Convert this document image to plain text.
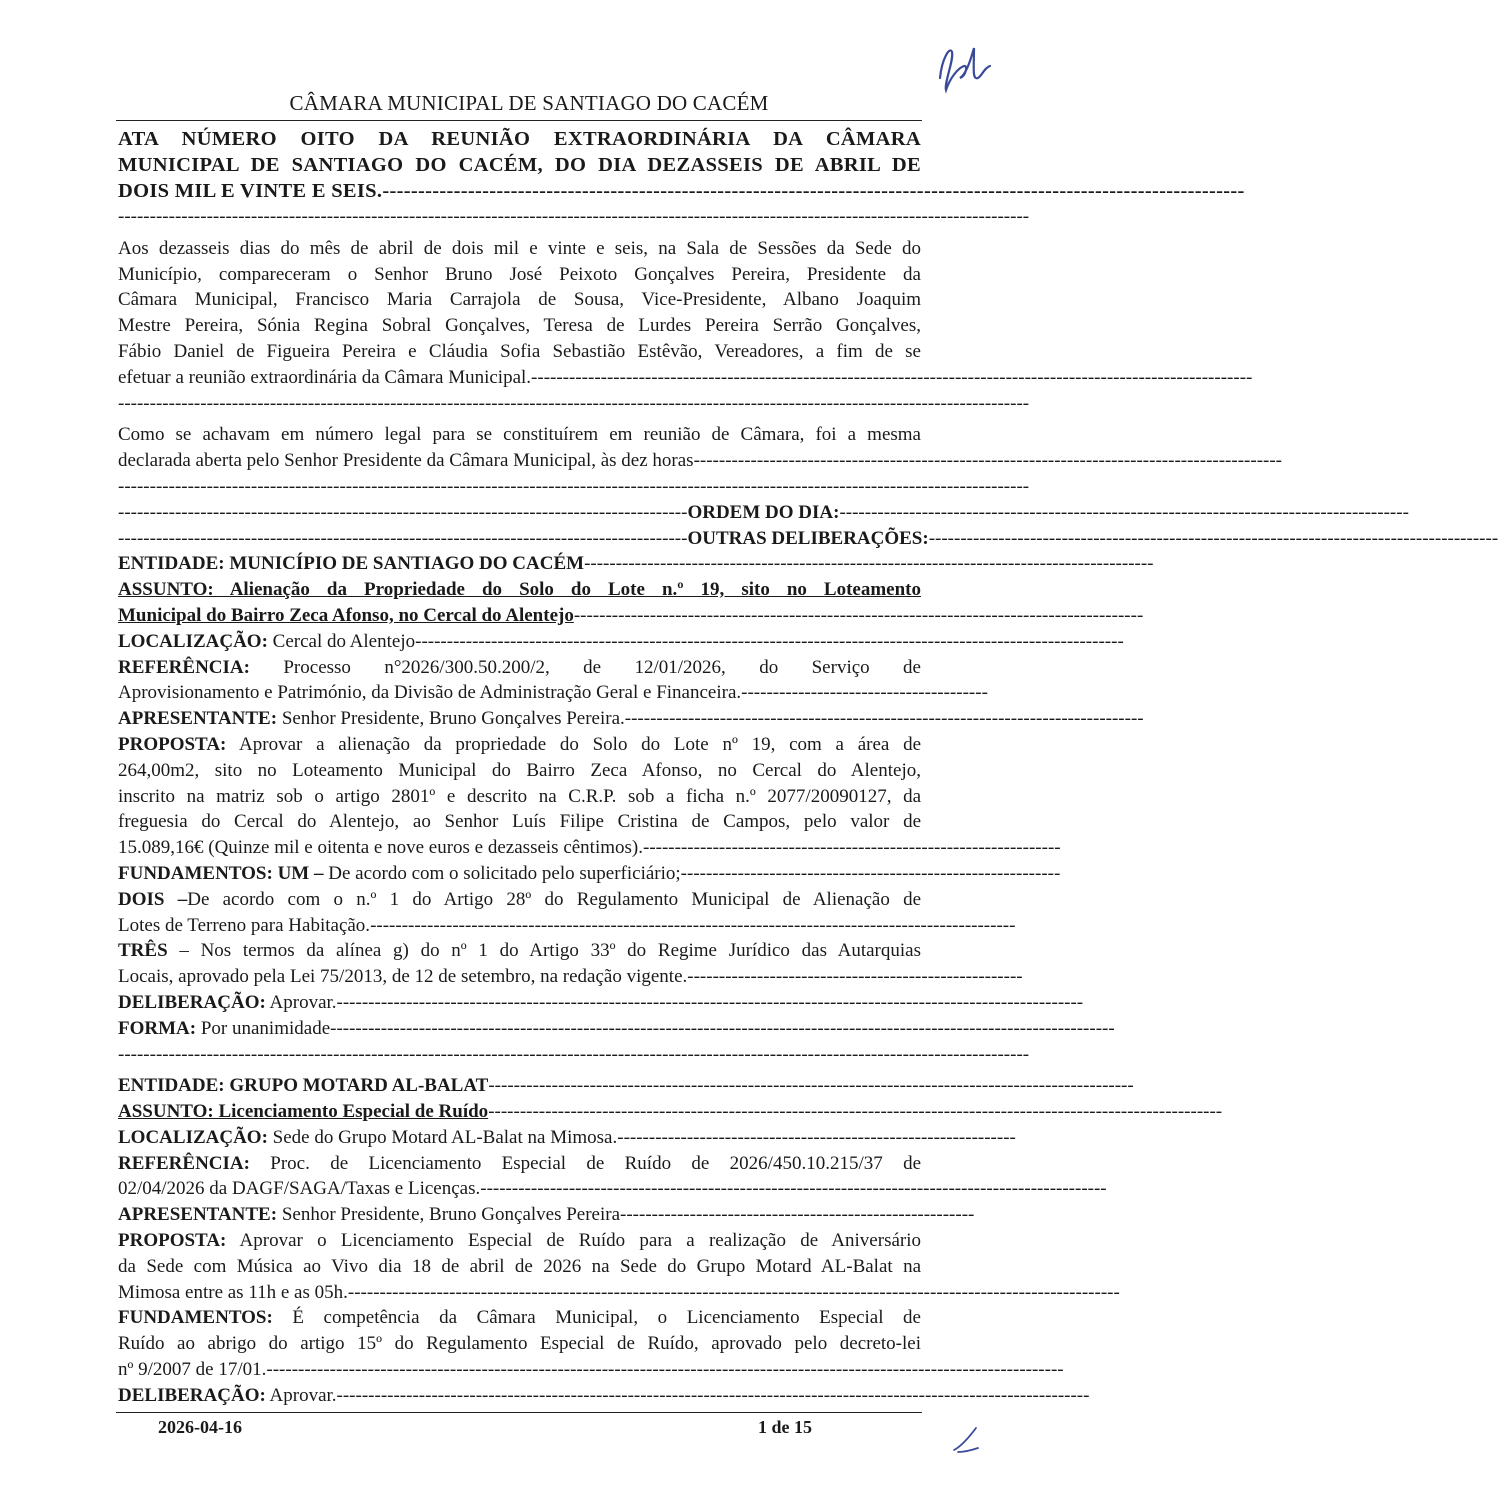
CÂMARA MUNICIPAL DE SANTIAGO DO CACÉM
ATA NÚMERO OITO DA REUNIÃO EXTRAORDINÁRIA DA CÂMARA
MUNICIPAL DE SANTIAGO DO CACÉM, DO DIA DEZASSEIS DE ABRIL DE
DOIS MIL E VINTE E SEIS. -------------------------------------------------------------------------------------------------------------------------
------------------------------------------------------------------------------------------------------------------------------------------------
Aos dezasseis dias do mês de abril de dois mil e vinte e seis, na Sala de Sessões da Sede do
Município, compareceram o Senhor Bruno José Peixoto Gonçalves Pereira, Presidente da
Câmara Municipal, Francisco Maria Carrajola de Sousa, Vice-Presidente, Albano Joaquim
Mestre Pereira, Sónia Regina Sobral Gonçalves, Teresa de Lurdes Pereira Serrão Gonçalves,
Fábio Daniel de Figueira Pereira e Cláudia Sofia Sebastião Estêvão, Vereadores, a fim de se
efetuar a reunião extraordinária da Câmara Municipal. ------------------------------------------------------------------------------------------------------------------
------------------------------------------------------------------------------------------------------------------------------------------------
Como se achavam em número legal para se constituírem em reunião de Câmara, foi a mesma
declarada aberta pelo Senhor Presidente da Câmara Municipal, às dez horas ---------------------------------------------------------------------------------------------
------------------------------------------------------------------------------------------------------------------------------------------------
------------------------------------------------------------------------------------------ ORDEM DO DIA: ------------------------------------------------------------------------------------------
------------------------------------------------------------------------------------------ OUTRAS DELIBERAÇÕES: ------------------------------------------------------------------------------------------
ENTIDADE: MUNICÍPIO DE SANTIAGO DO CACÉM ------------------------------------------------------------------------------------------
ASSUNTO: Alienação da Propriedade do Solo do Lote n.º 19, sito no Loteamento
Municipal do Bairro Zeca Afonso, no Cercal do Alentejo ------------------------------------------------------------------------------------------
LOCALIZAÇÃO: Cercal do Alentejo ----------------------------------------------------------------------------------------------------------------
REFERÊNCIA: Processo n°2026/300.50.200/2, de 12/01/2026, do Serviço de
Aprovisionamento e Património, da Divisão de Administração Geral e Financeira. ---------------------------------------
APRESENTANTE: Senhor Presidente, Bruno Gonçalves Pereira. ----------------------------------------------------------------------------------
PROPOSTA: Aprovar a alienação da propriedade do Solo do Lote nº 19, com a área de
264,00m2, sito no Loteamento Municipal do Bairro Zeca Afonso, no Cercal do Alentejo,
inscrito na matriz sob o artigo 2801º e descrito na C.R.P. sob a ficha n.º 2077/20090127, da
freguesia do Cercal do Alentejo, ao Senhor Luís Filipe Cristina de Campos, pelo valor de
15.089,16€ (Quinze mil e oitenta e nove euros e dezasseis cêntimos). ------------------------------------------------------------------
FUNDAMENTOS: UM – De acordo com o solicitado pelo superficiário; ------------------------------------------------------------
DOIS –De acordo com o n.º 1 do Artigo 28º do Regulamento Municipal de Alienação de
Lotes de Terreno para Habitação. ------------------------------------------------------------------------------------------------------
TRÊS – Nos termos da alínea g) do nº 1 do Artigo 33º do Regime Jurídico das Autarquias
Locais, aprovado pela Lei 75/2013, de 12 de setembro, na redação vigente. -----------------------------------------------------
DELIBERAÇÃO: Aprovar. ----------------------------------------------------------------------------------------------------------------------
FORMA: Por unanimidade ----------------------------------------------------------------------------------------------------------------------------
------------------------------------------------------------------------------------------------------------------------------------------------
ENTIDADE: GRUPO MOTARD AL-BALAT ------------------------------------------------------------------------------------------------------
ASSUNTO: Licenciamento Especial de Ruído --------------------------------------------------------------------------------------------------------------------
LOCALIZAÇÃO: Sede do Grupo Motard AL-Balat na Mimosa. ---------------------------------------------------------------
REFERÊNCIA: Proc. de Licenciamento Especial de Ruído de 2026/450.10.215/37 de
02/04/2026 da DAGF/SAGA/Taxas e Licenças. ---------------------------------------------------------------------------------------------------
APRESENTANTE: Senhor Presidente, Bruno Gonçalves Pereira --------------------------------------------------------
PROPOSTA: Aprovar o Licenciamento Especial de Ruído para a realização de Aniversário
da Sede com Música ao Vivo dia 18 de abril de 2026 na Sede do Grupo Motard AL-Balat na
Mimosa entre as 11h e as 05h. --------------------------------------------------------------------------------------------------------------------------
FUNDAMENTOS: É competência da Câmara Municipal, o Licenciamento Especial de
Ruído ao abrigo do artigo 15º do Regulamento Especial de Ruído, aprovado pelo decreto-lei
nº 9/2007 de 17/01. ------------------------------------------------------------------------------------------------------------------------------
DELIBERAÇÃO: Aprovar. -----------------------------------------------------------------------------------------------------------------------
2026-04-16	1 de 15
